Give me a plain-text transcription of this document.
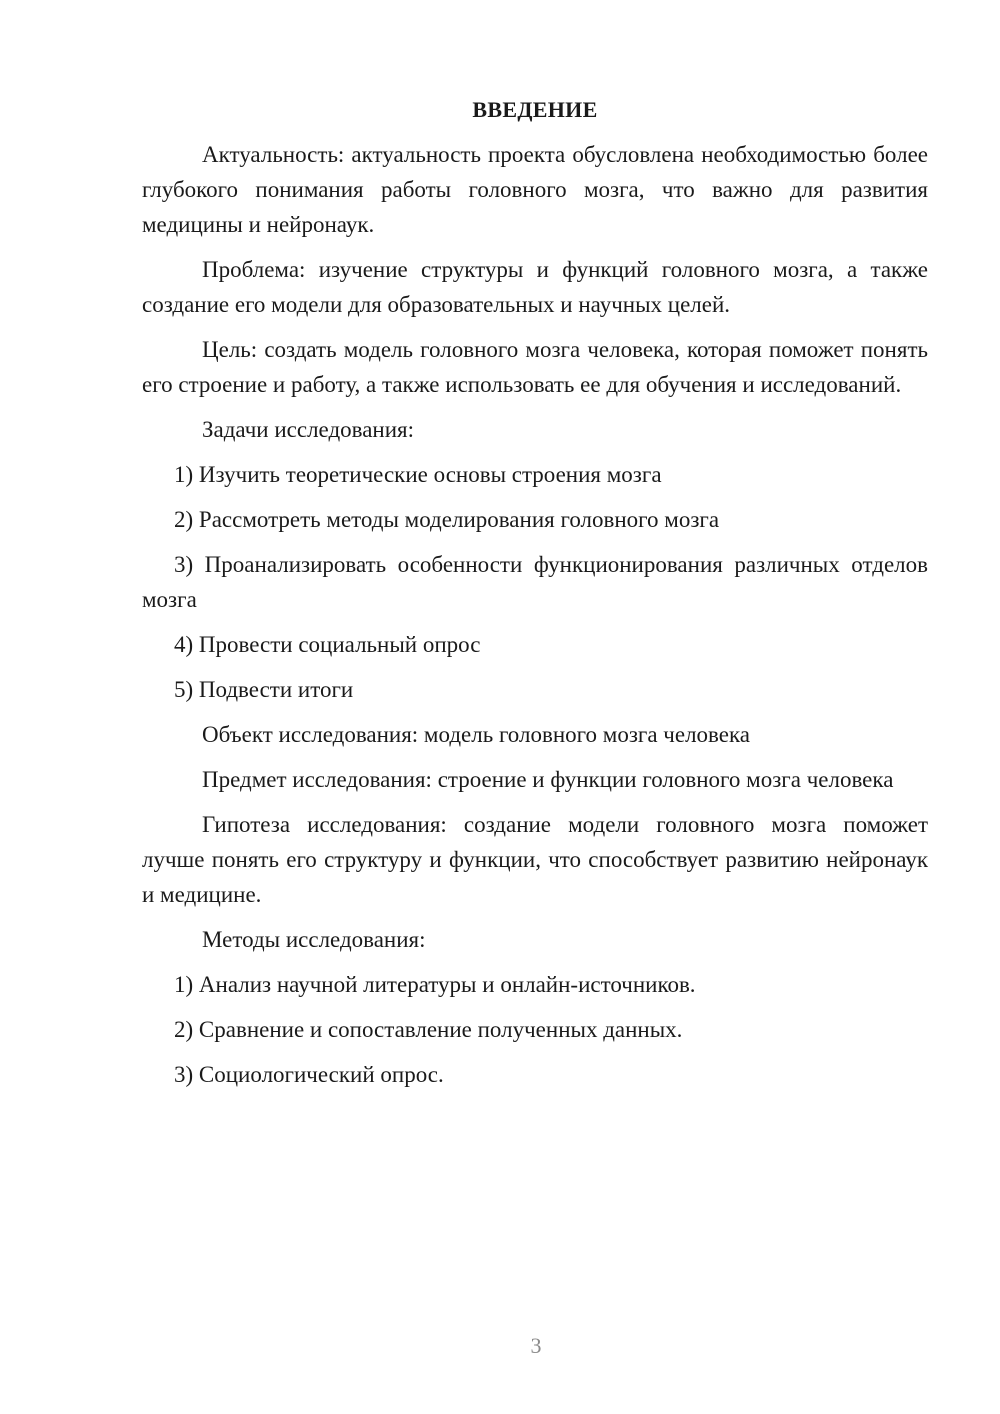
ВВЕДЕНИЕ

Актуальность: актуальность проекта обусловлена необходимостью более глубокого понимания работы головного мозга, что важно для развития медицины и нейронаук.

Проблема: изучение структуры и функций головного мозга, а также создание его модели для образовательных и научных целей.

Цель: создать модель головного мозга человека, которая поможет понять его строение и работу, а также использовать ее для обучения и исследований.

Задачи исследования:

1) Изучить теоретические основы строения мозга

2) Рассмотреть методы моделирования головного мозга

3) Проанализировать особенности функционирования различных отделов мозга

4) Провести социальный опрос

5) Подвести итоги

Объект исследования: модель головного мозга человека

Предмет исследования: строение и функции головного мозга человека

Гипотеза исследования: создание модели головного мозга поможет лучше понять его структуру и функции, что способствует развитию нейронаук и медицине.

Методы исследования:

1) Анализ научной литературы и онлайн-источников.

2) Сравнение и сопоставление полученных данных.

3) Социологический опрос.

3
